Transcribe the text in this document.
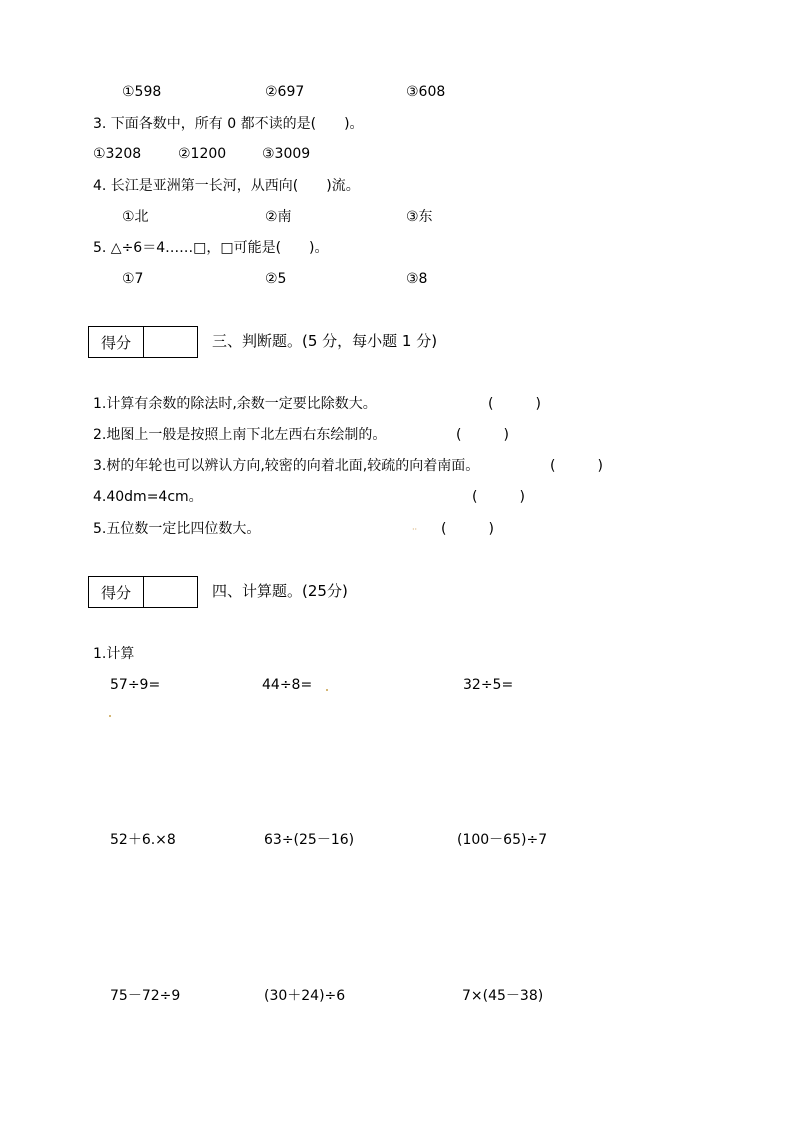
①598	②697	③608
3. 下面各数中，所有 0 都不读的是(　　)。
①3208	②1200	③3009
4. 长江是亚洲第一长河，从西向(　　)流。
①北	②南	③东
5. △÷6＝4……□，□可能是(　　)。
①7	②5	③8
得分	三、判断题。(5 分，每小题 1 分)
1.计算有余数的除法时,余数一定要比除数大。	(　　　)
2.地图上一般是按照上南下北左西右东绘制的。	(　　　)
3.树的年轮也可以辨认方向,较密的向着北面,较疏的向着南面。	(　　　)
4.40dm=4cm。	(　　　)
5.五位数一定比四位数大。	·· (　　　)
得分	四、计算题。(25分)
1.计算
57÷9=	44÷8=	32÷5=
52＋6.×8	63÷(25－16)	(100－65)÷7
75－72÷9	(30＋24)÷6	7×(45－38)
